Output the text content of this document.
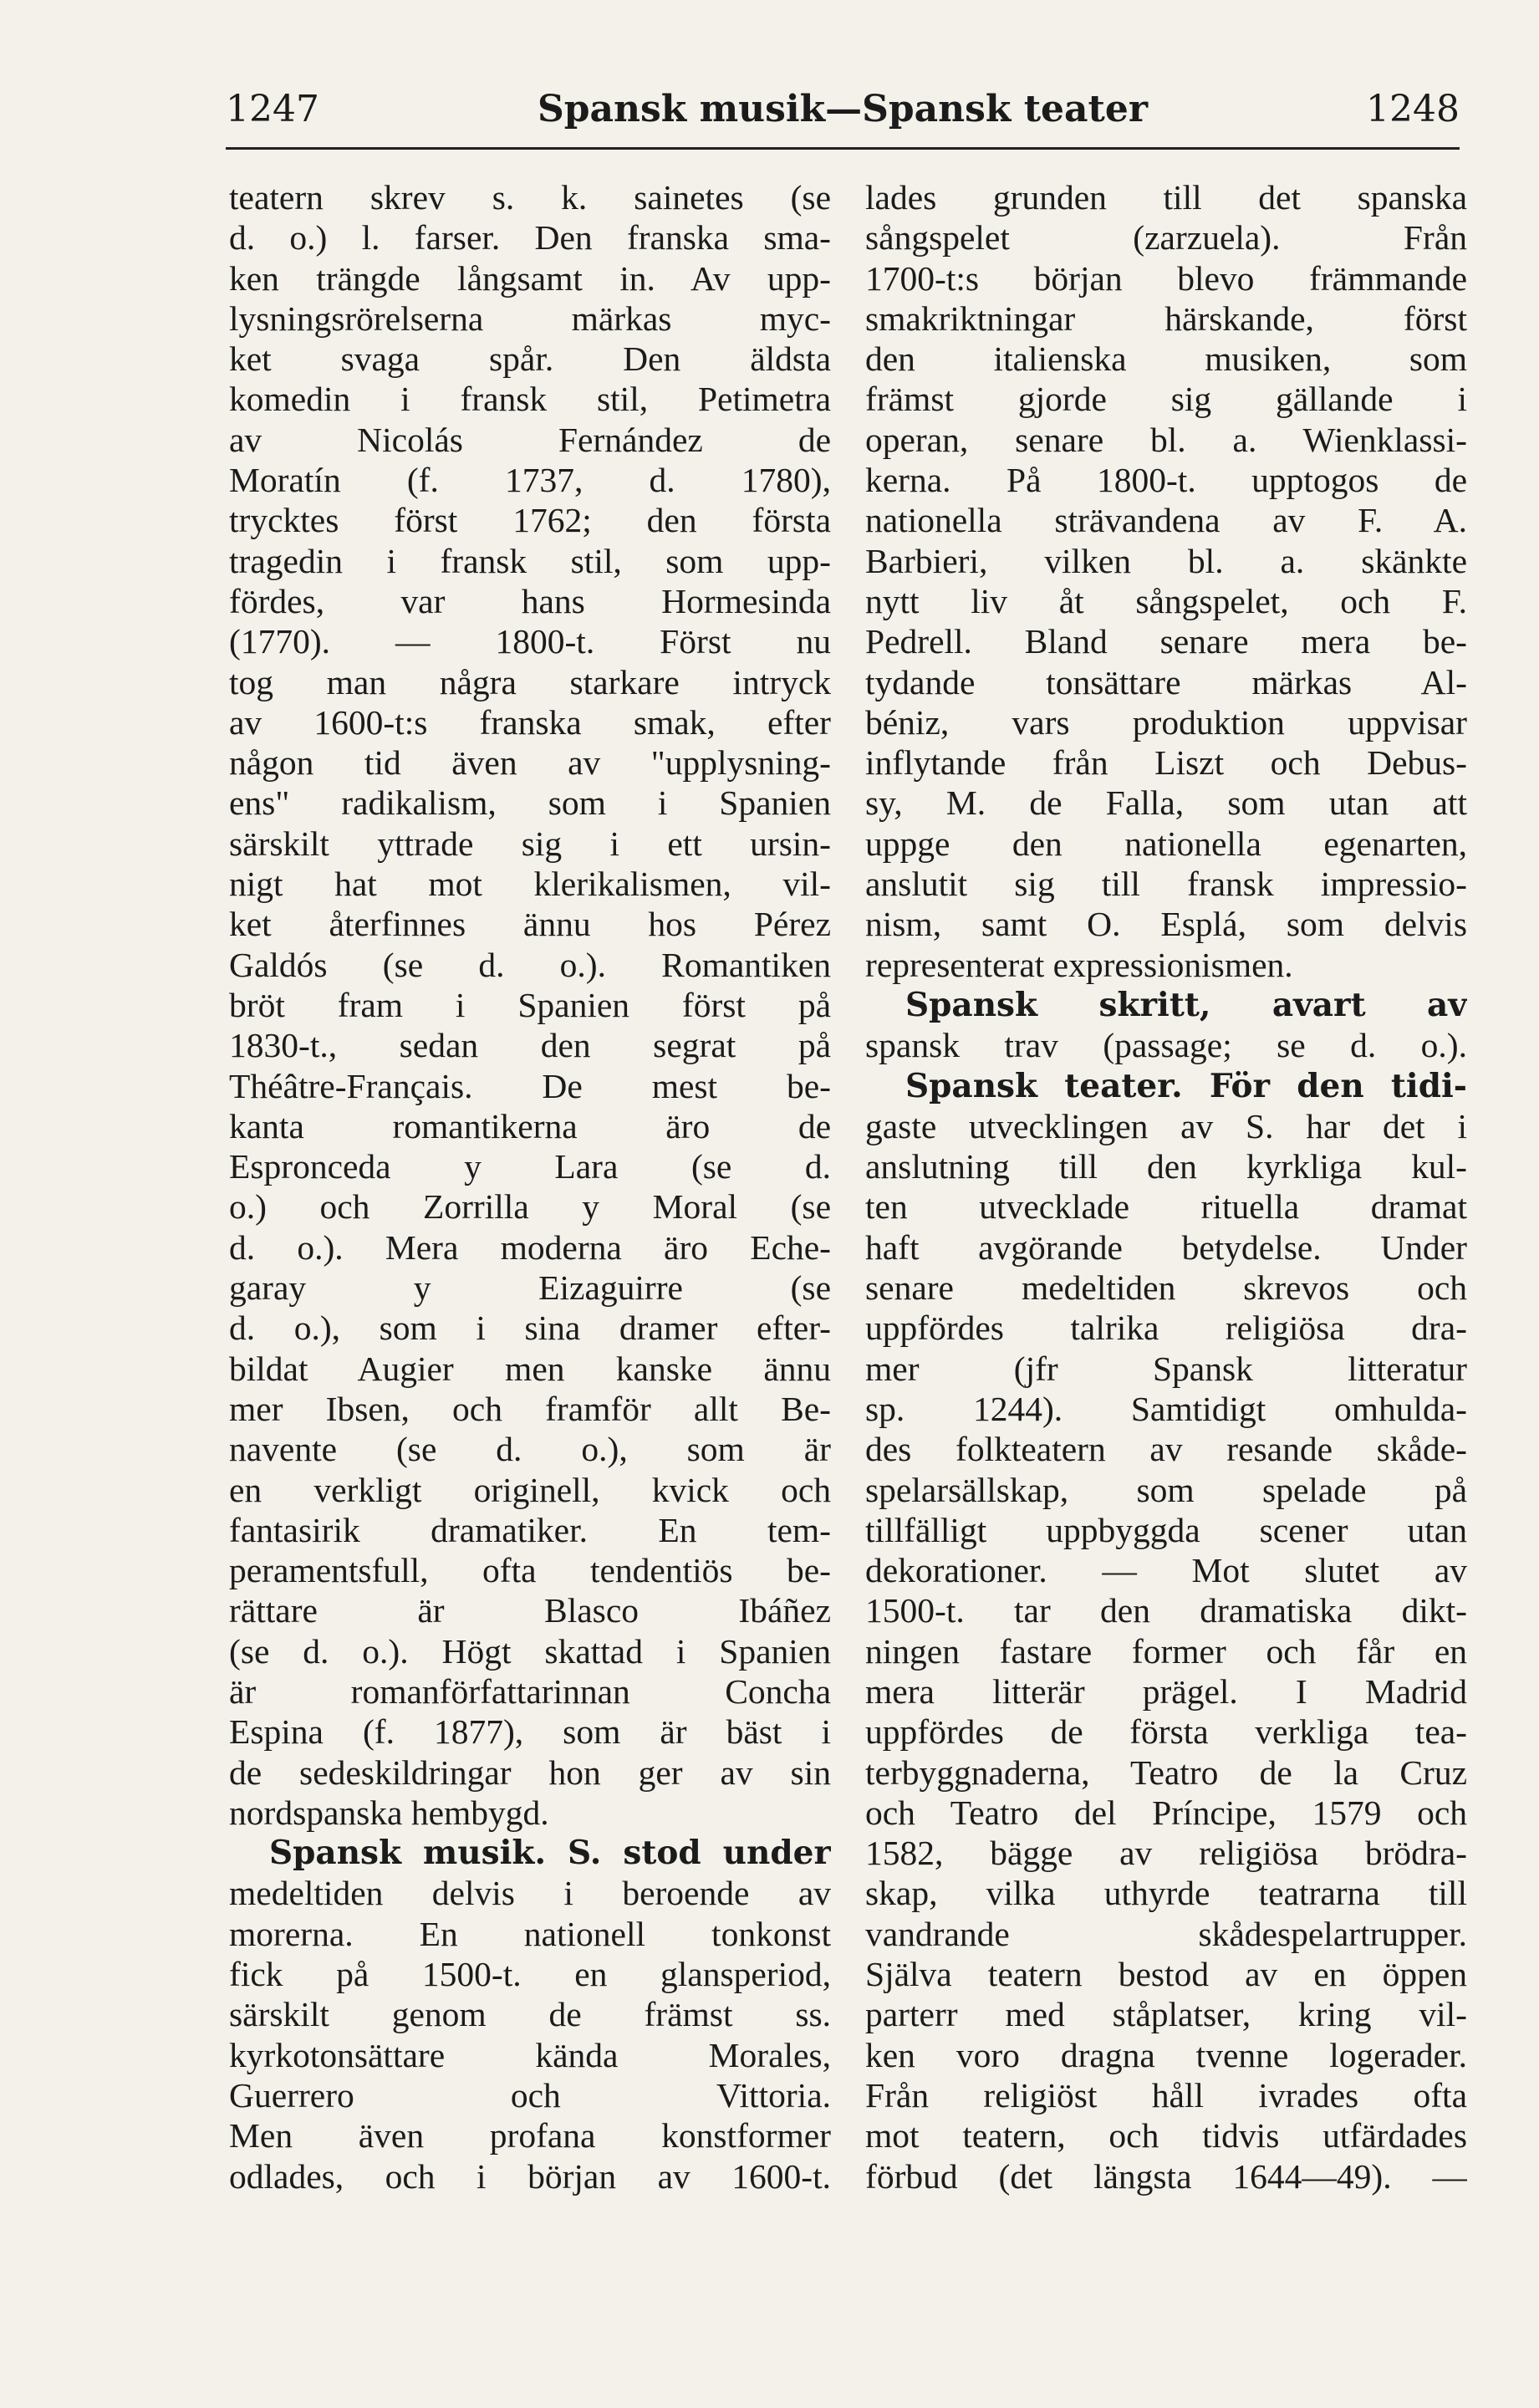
1247	Spansk musik—Spansk teater	1248
teatern skrev s. k. sainetes (se
d. o.) l. farser. Den franska sma-
ken trängde långsamt in. Av upp-
lysningsrörelserna märkas myc-
ket svaga spår. Den äldsta
komedin i fransk stil, Petimetra
av Nicolás Fernández de
Moratín (f. 1737, d. 1780),
trycktes först 1762; den första
tragedin i fransk stil, som upp-
fördes, var hans Hormesinda
(1770). — 1800-t. Först nu
tog man några starkare intryck
av 1600-t:s franska smak, efter
någon tid även av "upplysning-
ens" radikalism, som i Spanien
särskilt yttrade sig i ett ursin-
nigt hat mot klerikalismen, vil-
ket återfinnes ännu hos Pérez
Galdós (se d. o.). Romantiken
bröt fram i Spanien först på
1830-t., sedan den segrat på
Théâtre-Français. De mest be-
kanta romantikerna äro de
Espronceda y Lara (se d.
o.) och Zorrilla y Moral (se
d. o.). Mera moderna äro Eche-
garay y Eizaguirre (se
d. o.), som i sina dramer efter-
bildat Augier men kanske ännu
mer Ibsen, och framför allt Be-
navente (se d. o.), som är
en verkligt originell, kvick och
fantasirik dramatiker. En tem-
peramentsfull, ofta tendentiös be-
rättare är Blasco Ibáñez
(se d. o.). Högt skattad i Spanien
är romanförfattarinnan Concha
Espina (f. 1877), som är bäst i
de sedeskildringar hon ger av sin
nordspanska hembygd.
Spansk musik. S. stod under
medeltiden delvis i beroende av
morerna. En nationell tonkonst
fick på 1500-t. en glansperiod,
särskilt genom de främst ss.
kyrkotonsättare kända Morales,
Guerrero och Vittoria.
Men även profana konstformer
odlades, och i början av 1600-t.
lades grunden till det spanska
sångspelet (zarzuela). Från
1700-t:s början blevo främmande
smakriktningar härskande, först
den italienska musiken, som
främst gjorde sig gällande i
operan, senare bl. a. Wienklassi-
kerna. På 1800-t. upptogos de
nationella strävandena av F. A.
Barbieri, vilken bl. a. skänkte
nytt liv åt sångspelet, och F.
Pedrell. Bland senare mera be-
tydande tonsättare märkas Al-
béniz, vars produktion uppvisar
inflytande från Liszt och Debus-
sy, M. de Falla, som utan att
uppge den nationella egenarten,
anslutit sig till fransk impressio-
nism, samt O. Esplá, som delvis
representerat expressionismen.
Spansk skritt, avart av
spansk trav (passage; se d. o.).
Spansk teater. För den tidi-
gaste utvecklingen av S. har det i
anslutning till den kyrkliga kul-
ten utvecklade rituella dramat
haft avgörande betydelse. Under
senare medeltiden skrevos och
uppfördes talrika religiösa dra-
mer (jfr Spansk litteratur
sp. 1244). Samtidigt omhulda-
des folkteatern av resande skåde-
spelarsällskap, som spelade på
tillfälligt uppbyggda scener utan
dekorationer. — Mot slutet av
1500-t. tar den dramatiska dikt-
ningen fastare former och får en
mera litterär prägel. I Madrid
uppfördes de första verkliga tea-
terbyggnaderna, Teatro de la Cruz
och Teatro del Príncipe, 1579 och
1582, bägge av religiösa brödra-
skap, vilka uthyrde teatrarna till
vandrande skådespelartrupper.
Själva teatern bestod av en öppen
parterr med ståplatser, kring vil-
ken voro dragna tvenne logerader.
Från religiöst håll ivrades ofta
mot teatern, och tidvis utfärdades
förbud (det längsta 1644—49). —
